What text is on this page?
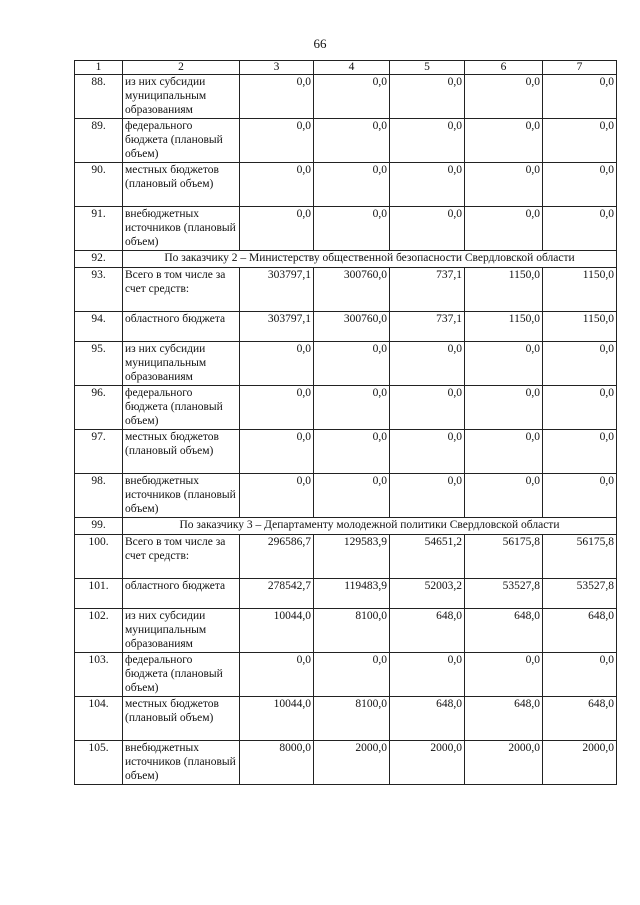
66
1	2	3	4	5	6	7
88.	из них субсидии муниципальным образованиям	0,0	0,0	0,0	0,0	0,0
89.	федерального бюджета (плановый объем)	0,0	0,0	0,0	0,0	0,0
90.	местных бюджетов (плановый объем)	0,0	0,0	0,0	0,0	0,0
91.	внебюджетных источников (плановый объем)	0,0	0,0	0,0	0,0	0,0
92.	По заказчику 2 – Министерству общественной безопасности Свердловской области					
93.	Всего в том числе за счет средств:	303797,1	300760,0	737,1	1150,0	1150,0
94.	областного бюджета	303797,1	300760,0	737,1	1150,0	1150,0
95.	из них субсидии муниципальным образованиям	0,0	0,0	0,0	0,0	0,0
96.	федерального бюджета (плановый объем)	0,0	0,0	0,0	0,0	0,0
97.	местных бюджетов (плановый объем)	0,0	0,0	0,0	0,0	0,0
98.	внебюджетных источников (плановый объем)	0,0	0,0	0,0	0,0	0,0
99.	По заказчику 3 – Департаменту молодежной политики Свердловской области					
100.	Всего в том числе за счет средств:	296586,7	129583,9	54651,2	56175,8	56175,8
101.	областного бюджета	278542,7	119483,9	52003,2	53527,8	53527,8
102.	из них субсидии муниципальным образованиям	10044,0	8100,0	648,0	648,0	648,0
103.	федерального бюджета (плановый объем)	0,0	0,0	0,0	0,0	0,0
104.	местных бюджетов (плановый объем)	10044,0	8100,0	648,0	648,0	648,0
105.	внебюджетных источников (плановый объем)	8000,0	2000,0	2000,0	2000,0	2000,0
